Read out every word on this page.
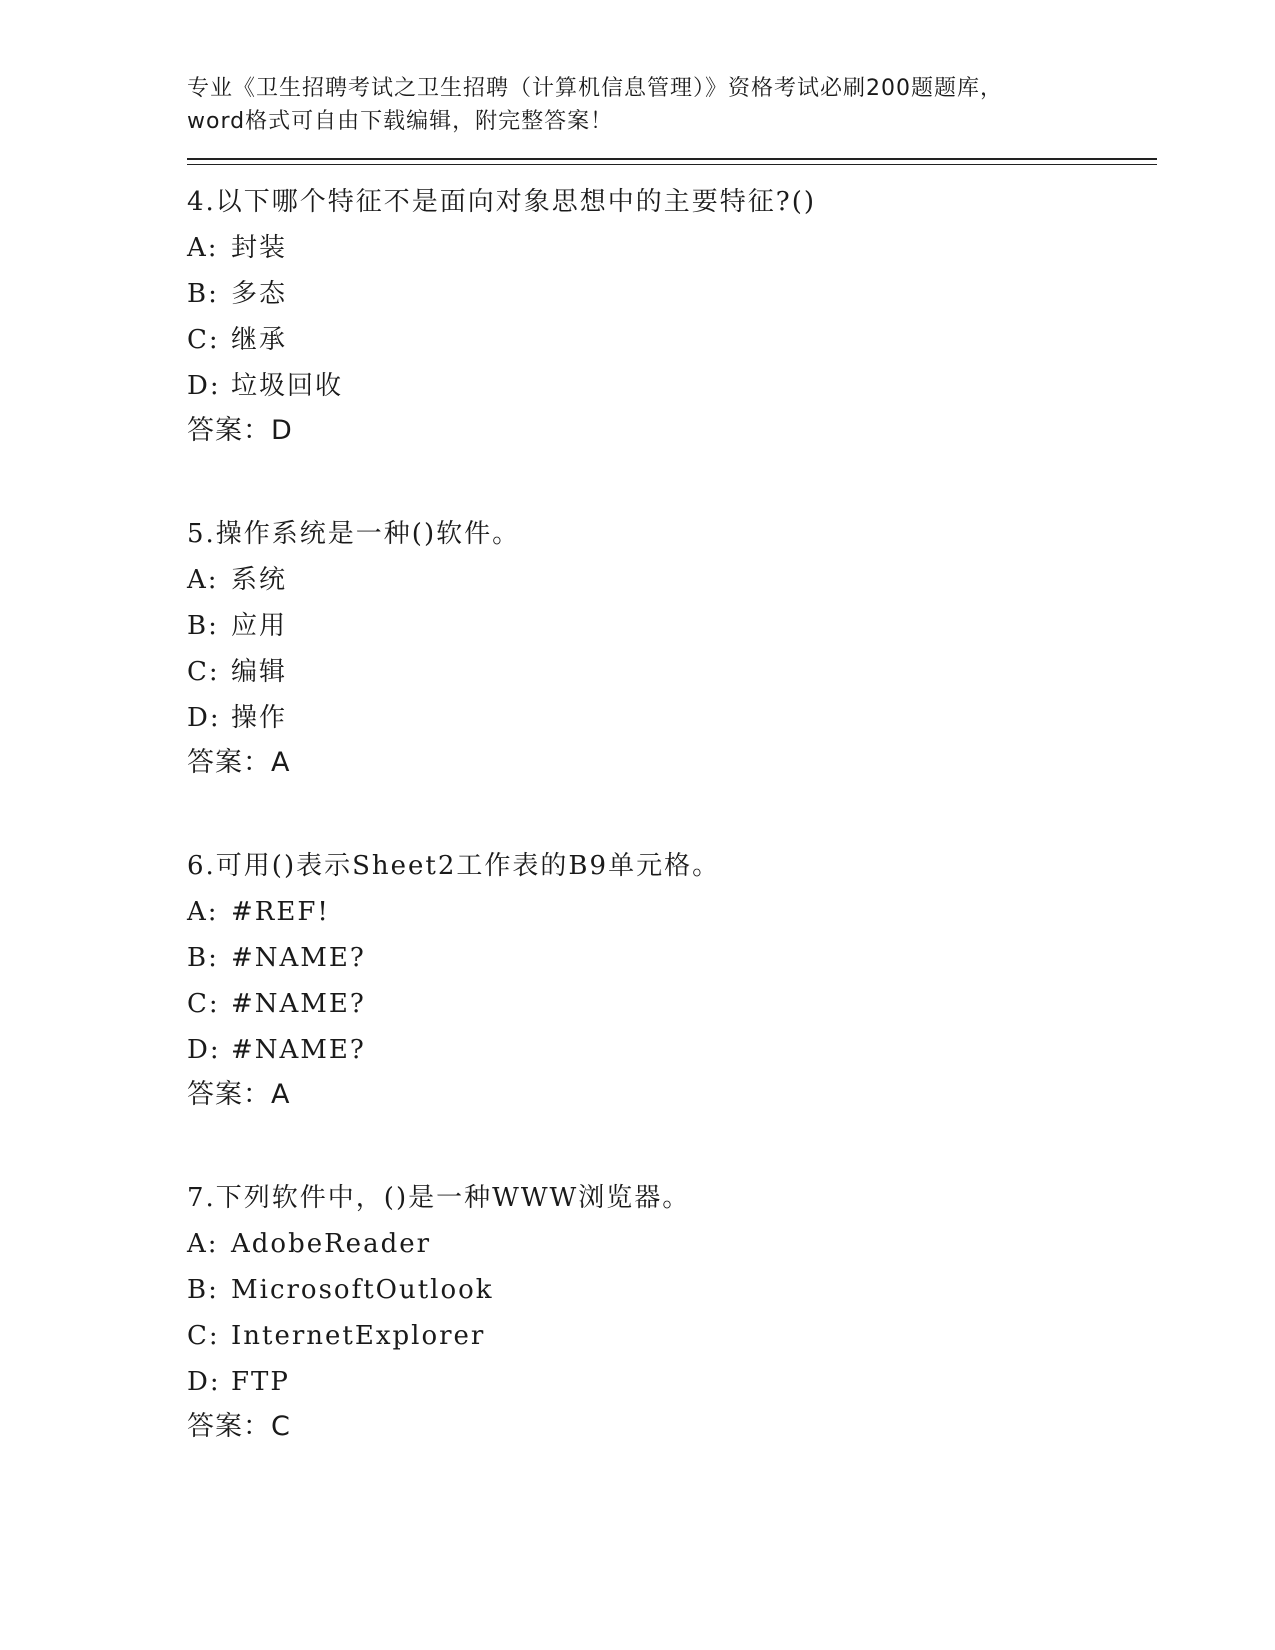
专业《卫生招聘考试之卫生招聘（计算机信息管理）》资格考试必刷200题题库，
word格式可自由下载编辑，附完整答案！
4.以下哪个特征不是面向对象思想中的主要特征?()
A: 封装
B: 多态
C: 继承
D: 垃圾回收
答案：D
5.操作系统是一种()软件。
A: 系统
B: 应用
C: 编辑
D: 操作
答案：A
6.可用()表示Sheet2工作表的B9单元格。
A: #REF!
B: #NAME?
C: #NAME?
D: #NAME?
答案：A
7.下列软件中，()是一种WWW浏览器。
A: AdobeReader
B: MicrosoftOutlook
C: InternetExplorer
D: FTP
答案：C
